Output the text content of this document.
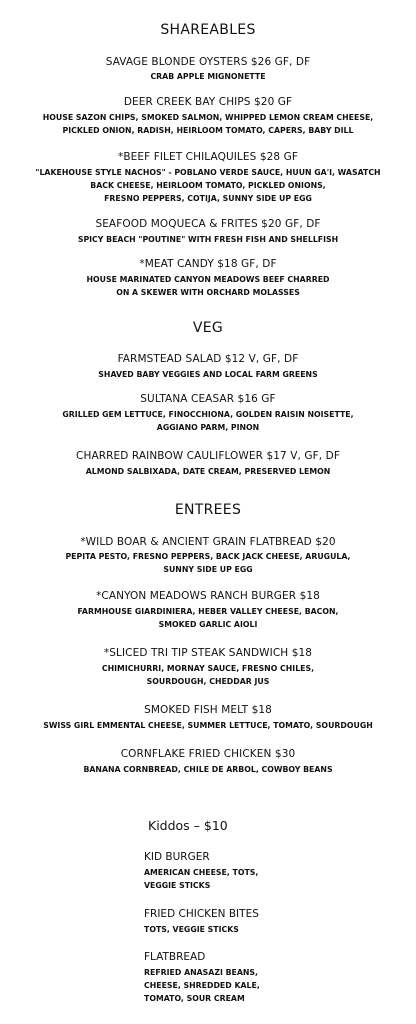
SHAREABLES
SAVAGE BLONDE OYSTERS $26 GF, DF
CRAB APPLE MIGNONETTE
DEER CREEK BAY CHIPS $20 GF
HOUSE SAZON CHIPS, SMOKED SALMON, WHIPPED LEMON CREAM CHEESE,
PICKLED ONION, RADISH, HEIRLOOM TOMATO, CAPERS, BABY DILL
*BEEF FILET CHILAQUILES $28 GF
"LAKEHOUSE STYLE NACHOS" - POBLANO VERDE SAUCE, HUUN GA'I, WASATCH
BACK CHEESE, HEIRLOOM TOMATO, PICKLED ONIONS,
FRESNO PEPPERS, COTIJA, SUNNY SIDE UP EGG
SEAFOOD MOQUECA & FRITES $20 GF, DF
SPICY BEACH "POUTINE" WITH FRESH FISH AND SHELLFISH
*MEAT CANDY $18 GF, DF
HOUSE MARINATED CANYON MEADOWS BEEF CHARRED
ON A SKEWER WITH ORCHARD MOLASSES
VEG
FARMSTEAD SALAD $12 V, GF, DF
SHAVED BABY VEGGIES AND LOCAL FARM GREENS
SULTANA CEASAR $16 GF
GRILLED GEM LETTUCE, FINOCCHIONA, GOLDEN RAISIN NOISETTE,
AGGIANO PARM, PINON
CHARRED RAINBOW CAULIFLOWER $17 V, GF, DF
ALMOND SALBIXADA, DATE CREAM, PRESERVED LEMON
ENTREES
*WILD BOAR & ANCIENT GRAIN FLATBREAD $20
PEPITA PESTO, FRESNO PEPPERS, BACK JACK CHEESE, ARUGULA,
SUNNY SIDE UP EGG
*CANYON MEADOWS RANCH BURGER $18
FARMHOUSE GIARDINIERA, HEBER VALLEY CHEESE, BACON,
SMOKED GARLIC AIOLI
*SLICED TRI TIP STEAK SANDWICH $18
CHIMICHURRI, MORNAY SAUCE, FRESNO CHILES,
SOURDOUGH, CHEDDAR JUS
SMOKED FISH MELT $18
SWISS GIRL EMMENTAL CHEESE, SUMMER LETTUCE, TOMATO, SOURDOUGH
CORNFLAKE FRIED CHICKEN $30
BANANA CORNBREAD, CHILE DE ARBOL, COWBOY BEANS
Kiddos – $10
KID BURGER
AMERICAN CHEESE, TOTS,
VEGGIE STICKS
FRIED CHICKEN BITES
TOTS, VEGGIE STICKS
FLATBREAD
REFRIED ANASAZI BEANS,
CHEESE, SHREDDED KALE,
TOMATO, SOUR CREAM
